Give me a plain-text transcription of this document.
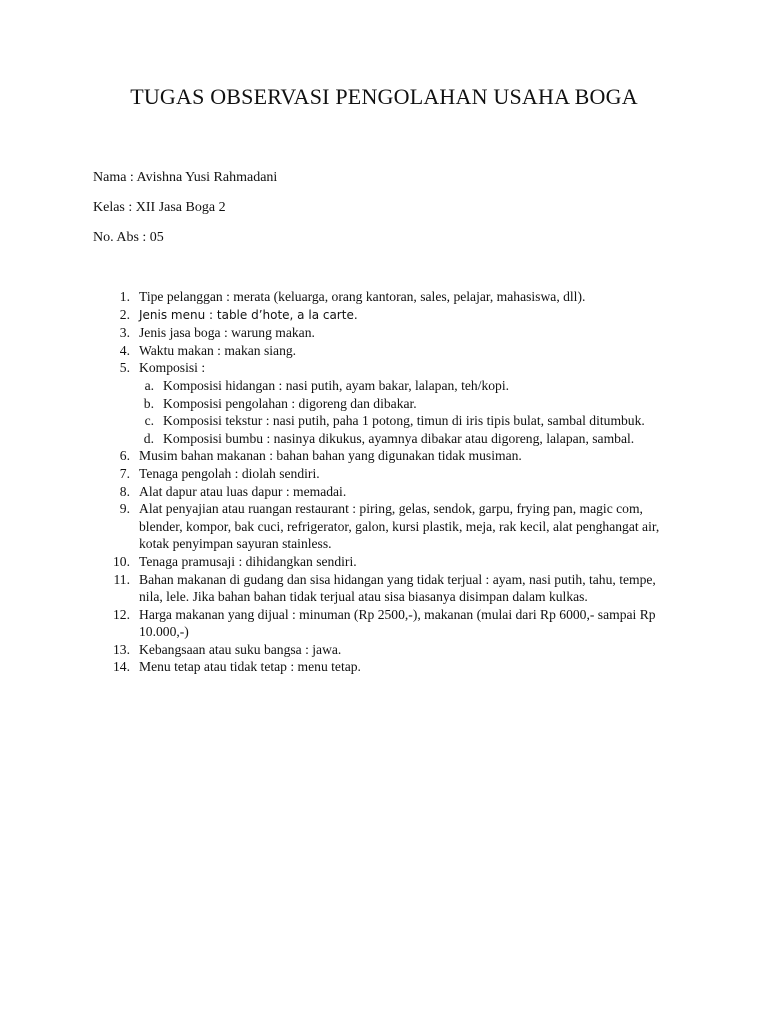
TUGAS OBSERVASI PENGOLAHAN USAHA BOGA

Nama : Avishna Yusi Rahmadani

Kelas : XII Jasa Boga 2

No. Abs : 05

1. Tipe pelanggan : merata (keluarga, orang kantoran, sales, pelajar, mahasiswa, dll).
2. Jenis menu : table d’hote, a la carte.
3. Jenis jasa boga : warung makan.
4. Waktu makan : makan siang.
5. Komposisi :
a. Komposisi hidangan : nasi putih, ayam bakar, lalapan, teh/kopi.
b. Komposisi pengolahan : digoreng dan dibakar.
c. Komposisi tekstur : nasi putih, paha 1 potong, timun di iris tipis bulat, sambal ditumbuk.
d. Komposisi bumbu : nasinya dikukus, ayamnya dibakar atau digoreng, lalapan, sambal.
6. Musim bahan makanan : bahan bahan yang digunakan tidak musiman.
7. Tenaga pengolah : diolah sendiri.
8. Alat dapur atau luas dapur : memadai.
9. Alat penyajian atau ruangan restaurant : piring, gelas, sendok, garpu, frying pan, magic com, blender, kompor, bak cuci, refrigerator, galon, kursi plastik, meja, rak kecil, alat penghangat air, kotak penyimpan sayuran stainless.
10. Tenaga pramusaji : dihidangkan sendiri.
11. Bahan makanan di gudang dan sisa hidangan yang tidak terjual : ayam, nasi putih, tahu, tempe, nila, lele. Jika bahan bahan tidak terjual atau sisa biasanya disimpan dalam kulkas.
12. Harga makanan yang dijual : minuman (Rp 2500,-), makanan (mulai dari Rp 6000,- sampai Rp 10.000,-)
13. Kebangsaan atau suku bangsa : jawa.
14. Menu tetap atau tidak tetap : menu tetap.
